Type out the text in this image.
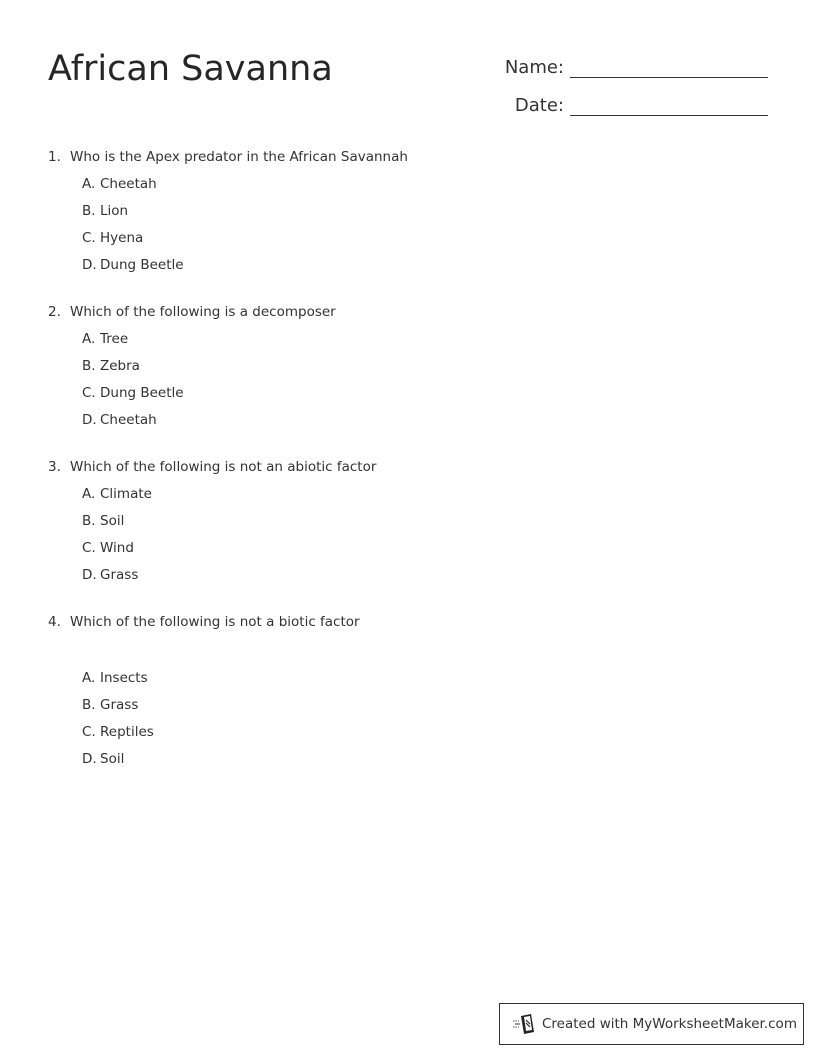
African Savanna	Name:
Date:
1. Who is the Apex predator in the African Savannah
A. Cheetah
B. Lion
C. Hyena
D. Dung Beetle
2. Which of the following is a decomposer
A. Tree
B. Zebra
C. Dung Beetle
D. Cheetah
3. Which of the following is not an abiotic factor
A. Climate
B. Soil
C. Wind
D. Grass
4. Which of the following is not a biotic factor
A. Insects
B. Grass
C. Reptiles
D. Soil
Created with MyWorksheetMaker.com
